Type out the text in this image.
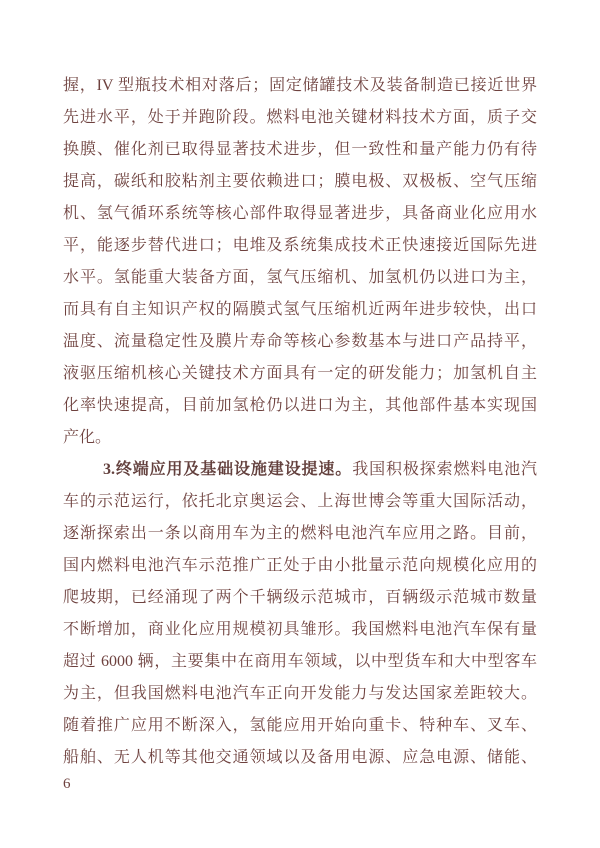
握，IV 型瓶技术相对落后；固定储罐技术及装备制造已接近世界
先进水平，处于并跑阶段。燃料电池关键材料技术方面，质子交
换膜、催化剂已取得显著技术进步，但一致性和量产能力仍有待
提高，碳纸和胶粘剂主要依赖进口；膜电极、双极板、空气压缩
机、氢气循环系统等核心部件取得显著进步，具备商业化应用水
平，能逐步替代进口；电堆及系统集成技术正快速接近国际先进
水平。氢能重大装备方面，氢气压缩机、加氢机仍以进口为主，
而具有自主知识产权的隔膜式氢气压缩机近两年进步较快，出口
温度、流量稳定性及膜片寿命等核心参数基本与进口产品持平，
液驱压缩机核心关键技术方面具有一定的研发能力；加氢机自主
化率快速提高，目前加氢枪仍以进口为主，其他部件基本实现国
产化。
3.终端应用及基础设施建设提速。我国积极探索燃料电池汽
车的示范运行，依托北京奥运会、上海世博会等重大国际活动，
逐渐探索出一条以商用车为主的燃料电池汽车应用之路。目前，
国内燃料电池汽车示范推广正处于由小批量示范向规模化应用的
爬坡期，已经涌现了两个千辆级示范城市，百辆级示范城市数量
不断增加，商业化应用规模初具雏形。我国燃料电池汽车保有量
超过 6000 辆，主要集中在商用车领域，以中型货车和大中型客车
为主，但我国燃料电池汽车正向开发能力与发达国家差距较大。
随着推广应用不断深入，氢能应用开始向重卡、特种车、叉车、
船舶、无人机等其他交通领域以及备用电源、应急电源、储能、
6
